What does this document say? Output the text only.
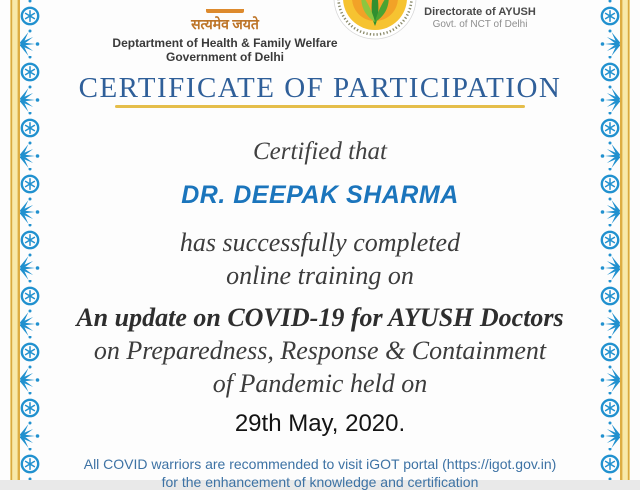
सत्यमेव जयते
Deptartment of Health & Family Welfare
Government of Delhi
Directorate of AYUSH
Govt. of NCT of Delhi
CERTIFICATE OF PARTICIPATION
Certified that
DR. DEEPAK SHARMA
has successfully completed
online training on
An update on COVID-19 for AYUSH Doctors
on Preparedness, Response & Containment
of Pandemic held on
29th May, 2020.
All COVID warriors are recommended to visit iGOT portal (https://igot.gov.in)
for the enhancement of knowledge and certification
